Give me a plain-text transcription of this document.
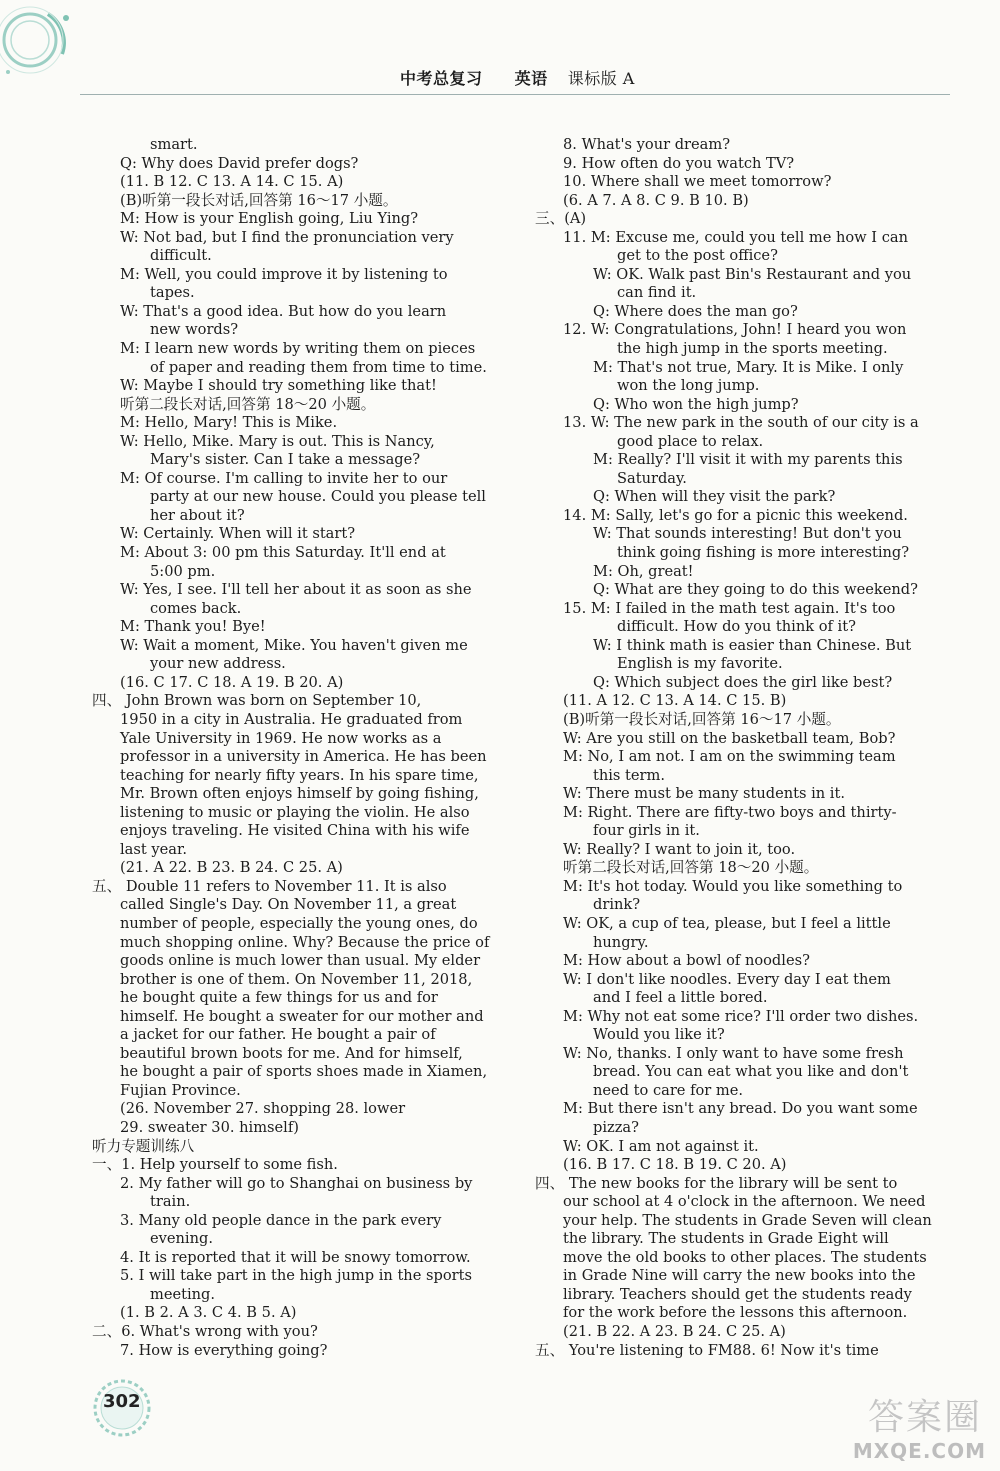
中考总复习 英语 课标版 A
smart.
Q: Why does David prefer dogs?
(11. B 12. C 13. A 14. C 15. A)
(B)听第一段长对话,回答第 16～17 小题。
M: How is your English going, Liu Ying?
W: Not bad, but I find the pronunciation very
difficult.
M: Well, you could improve it by listening to
tapes.
W: That's a good idea. But how do you learn
new words?
M: I learn new words by writing them on pieces
of paper and reading them from time to time.
W: Maybe I should try something like that!
听第二段长对话,回答第 18～20 小题。
M: Hello, Mary! This is Mike.
W: Hello, Mike. Mary is out. This is Nancy,
Mary's sister. Can I take a message?
M: Of course. I'm calling to invite her to our
party at our new house. Could you please tell
her about it?
W: Certainly. When will it start?
M: About 3: 00 pm this Saturday. It'll end at
5:00 pm.
W: Yes, I see. I'll tell her about it as soon as she
comes back.
M: Thank you! Bye!
W: Wait a moment, Mike. You haven't given me
your new address.
(16. C 17. C 18. A 19. B 20. A)
四、 John Brown was born on September 10,
1950 in a city in Australia. He graduated from
Yale University in 1969. He now works as a
professor in a university in America. He has been
teaching for nearly fifty years. In his spare time,
Mr. Brown often enjoys himself by going fishing,
listening to music or playing the violin. He also
enjoys traveling. He visited China with his wife
last year.
(21. A 22. B 23. B 24. C 25. A)
五、 Double 11 refers to November 11. It is also
called Single's Day. On November 11, a great
number of people, especially the young ones, do
much shopping online. Why? Because the price of
goods online is much lower than usual. My elder
brother is one of them. On November 11, 2018,
he bought quite a few things for us and for
himself. He bought a sweater for our mother and
a jacket for our father. He bought a pair of
beautiful brown boots for me. And for himself,
he bought a pair of sports shoes made in Xiamen,
Fujian Province.
(26. November 27. shopping 28. lower
29. sweater 30. himself)
听力专题训练八
一、1. Help yourself to some fish.
2. My father will go to Shanghai on business by
train.
3. Many old people dance in the park every
evening.
4. It is reported that it will be snowy tomorrow.
5. I will take part in the high jump in the sports
meeting.
(1. B 2. A 3. C 4. B 5. A)
二、6. What's wrong with you?
7. How is everything going?
8. What's your dream?
9. How often do you watch TV?
10. Where shall we meet tomorrow?
(6. A 7. A 8. C 9. B 10. B)
三、(A)
11. M: Excuse me, could you tell me how I can
get to the post office?
W: OK. Walk past Bin's Restaurant and you
can find it.
Q: Where does the man go?
12. W: Congratulations, John! I heard you won
the high jump in the sports meeting.
M: That's not true, Mary. It is Mike. I only
won the long jump.
Q: Who won the high jump?
13. W: The new park in the south of our city is a
good place to relax.
M: Really? I'll visit it with my parents this
Saturday.
Q: When will they visit the park?
14. M: Sally, let's go for a picnic this weekend.
W: That sounds interesting! But don't you
think going fishing is more interesting?
M: Oh, great!
Q: What are they going to do this weekend?
15. M: I failed in the math test again. It's too
difficult. How do you think of it?
W: I think math is easier than Chinese. But
English is my favorite.
Q: Which subject does the girl like best?
(11. A 12. C 13. A 14. C 15. B)
(B)听第一段长对话,回答第 16～17 小题。
W: Are you still on the basketball team, Bob?
M: No, I am not. I am on the swimming team
this term.
W: There must be many students in it.
M: Right. There are fifty-two boys and thirty-
four girls in it.
W: Really? I want to join it, too.
听第二段长对话,回答第 18～20 小题。
M: It's hot today. Would you like something to
drink?
W: OK, a cup of tea, please, but I feel a little
hungry.
M: How about a bowl of noodles?
W: I don't like noodles. Every day I eat them
and I feel a little bored.
M: Why not eat some rice? I'll order two dishes.
Would you like it?
W: No, thanks. I only want to have some fresh
bread. You can eat what you like and don't
need to care for me.
M: But there isn't any bread. Do you want some
pizza?
W: OK. I am not against it.
(16. B 17. C 18. B 19. C 20. A)
四、 The new books for the library will be sent to
our school at 4 o'clock in the afternoon. We need
your help. The students in Grade Seven will clean
the library. The students in Grade Eight will
move the old books to other places. The students
in Grade Nine will carry the new books into the
library. Teachers should get the students ready
for the work before the lessons this afternoon.
(21. B 22. A 23. B 24. C 25. A)
五、 You're listening to FM88. 6! Now it's time
302	答案圈
MXQE.COM
